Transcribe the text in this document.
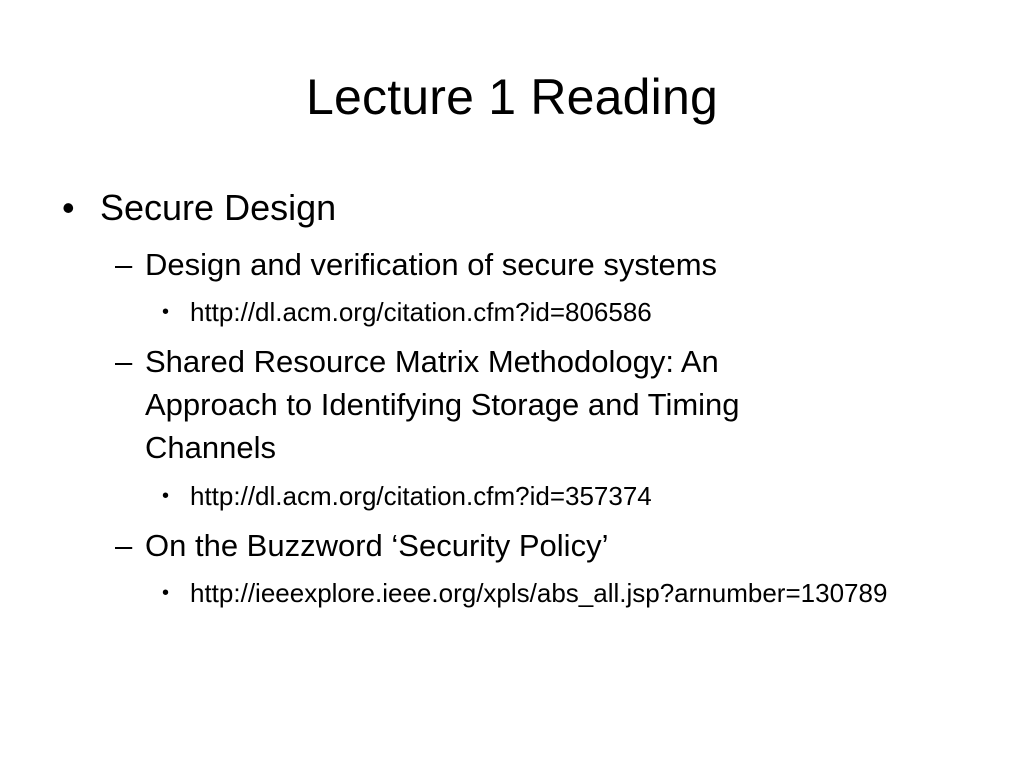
Lecture 1 Reading
• Secure Design
– Design and verification of secure systems
• http://dl.acm.org/citation.cfm?id=806586
– Shared Resource Matrix Methodology: An Approach to Identifying Storage and Timing Channels
• http://dl.acm.org/citation.cfm?id=357374
– On the Buzzword ‘Security Policy’
• http://ieeexplore.ieee.org/xpls/abs_all.jsp?arnumber=130789
